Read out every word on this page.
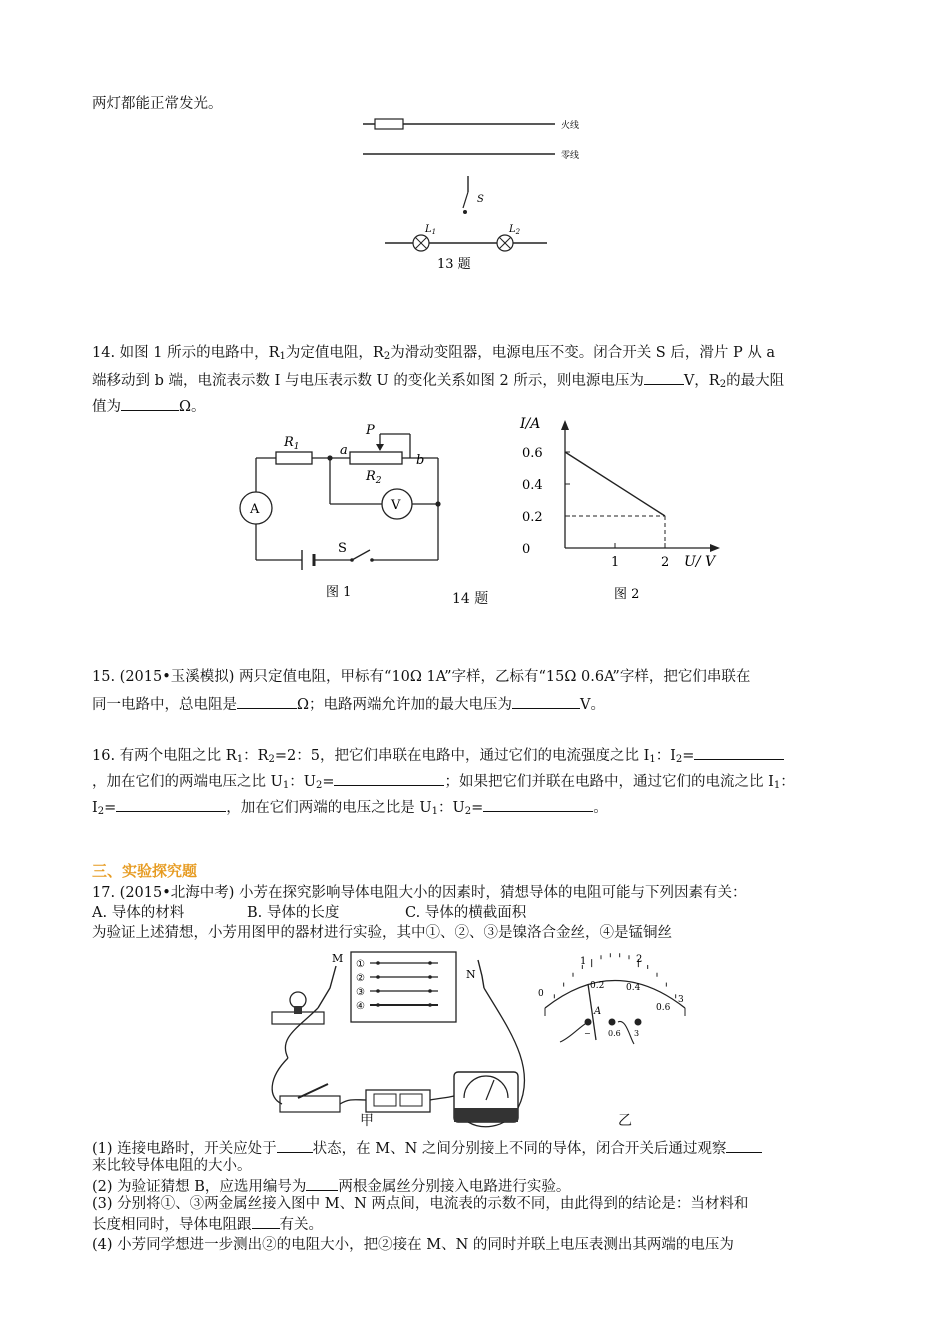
两灯都能正常发光。
火线
零线
S
$L_1$	$L_2$
13 题
14. 如图 1 所示的电路中，$R_1$为定值电阻，$R_2$为滑动变阻器，电源电压不变。闭合开关 S 后，滑片 P 从 a
端移动到 b 端，电流表示数 I 与电压表示数 U 的变化关系如图 2 所示，则电源电压为	V，$R_2$的最大阻
值为	Ω。
$R_1$
$R_2$
P
a
b
A	V
S
图 1
I/A
U/ V
0.6
0.4
0.2
0
1	2
图 2
14 题
15. (2015•玉溪模拟) 两只定值电阻，甲标有“10Ω 1A”字样，乙标有“15Ω 0.6A”字样，把它们串联在
同一电路中，总电阻是	Ω；电路两端允许加的最大电压为	V。
16. 有两个电阻之比 $R_1$：$R_2=2$：5，把它们串联在电路中，通过它们的电流强度之比 $I_1$：$I_2=$
，加在它们的两端电压之比 $U_1$：$U_2=$	；如果把它们并联在电路中，通过它们的电流之比 $I_1$：
$I_2=$	，加在它们两端的电压之比是 $U_1$：$U_2=$	。
三、实验探究题
17. (2015•北海中考) 小芳在探究影响导体电阻大小的因素时，猜想导体的电阻可能与下列因素有关：
A. 导体的材料	B. 导体的长度	C. 导体的横截面积
为验证上述猜想，小芳用图甲的器材进行实验，其中①、②、③是镍洛合金丝，④是锰铜丝
①
②
③
④
M
N
甲
1	2
0
0.2 0.4
0.6
3
A
− 0.6 3
乙
(1) 连接电路时，开关应处于 状态，在 M、N 之间分别接上不同的导体，闭合开关后通过观察
来比较导体电阻的大小。
(2) 为验证猜想 B，应选用编号为 两根金属丝分别接入电路进行实验。
(3) 分别将①、③两金属丝接入图中 M、N 两点间，电流表的示数不同，由此得到的结论是：当材料和
长度相同时，导体电阻跟 有关。
(4) 小芳同学想进一步测出②的电阻大小，把②接在 M、N 的同时并联上电压表测出其两端的电压为
